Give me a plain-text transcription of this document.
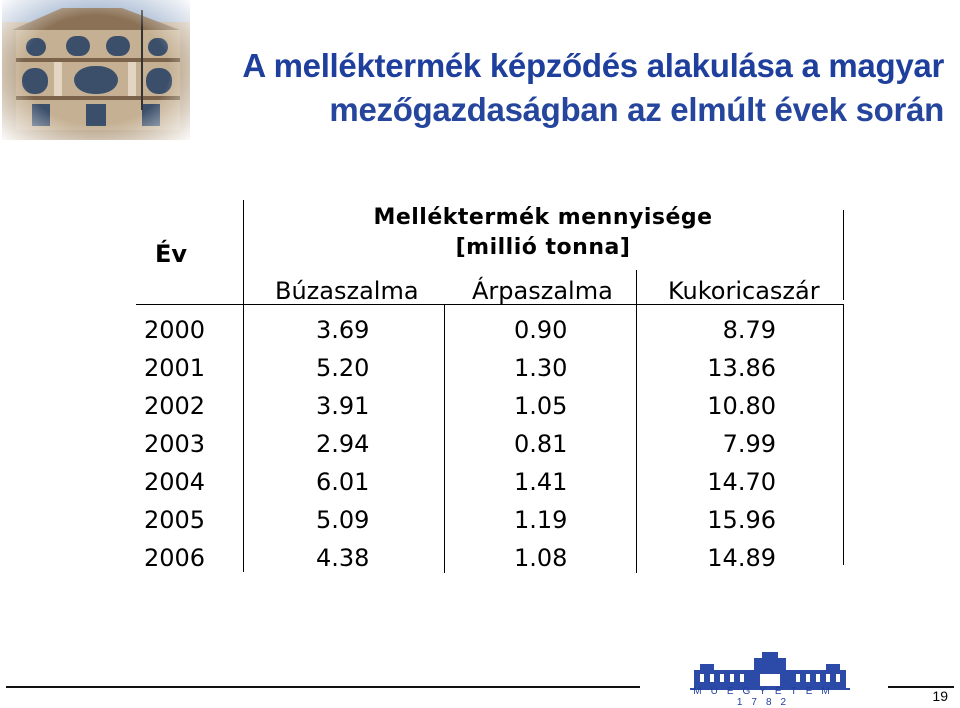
A melléktermék képződés alakulása a magyar
mezőgazdaságban az elmúlt évek során
Év
Melléktermék mennyisége
[millió tonna]
Búzaszalma Árpaszalma Kukoricaszár
2000	3.69	0.90	8.79
2001	5.20	1.30	13.86
2002	3.91	1.05	10.80
2003	2.94	0.81	7.99
2004	6.01	1.41	14.70
2005	5.09	1.19	15.96
2006	4.38	1.08	14.89
MŰEGYETEM 1782	19
